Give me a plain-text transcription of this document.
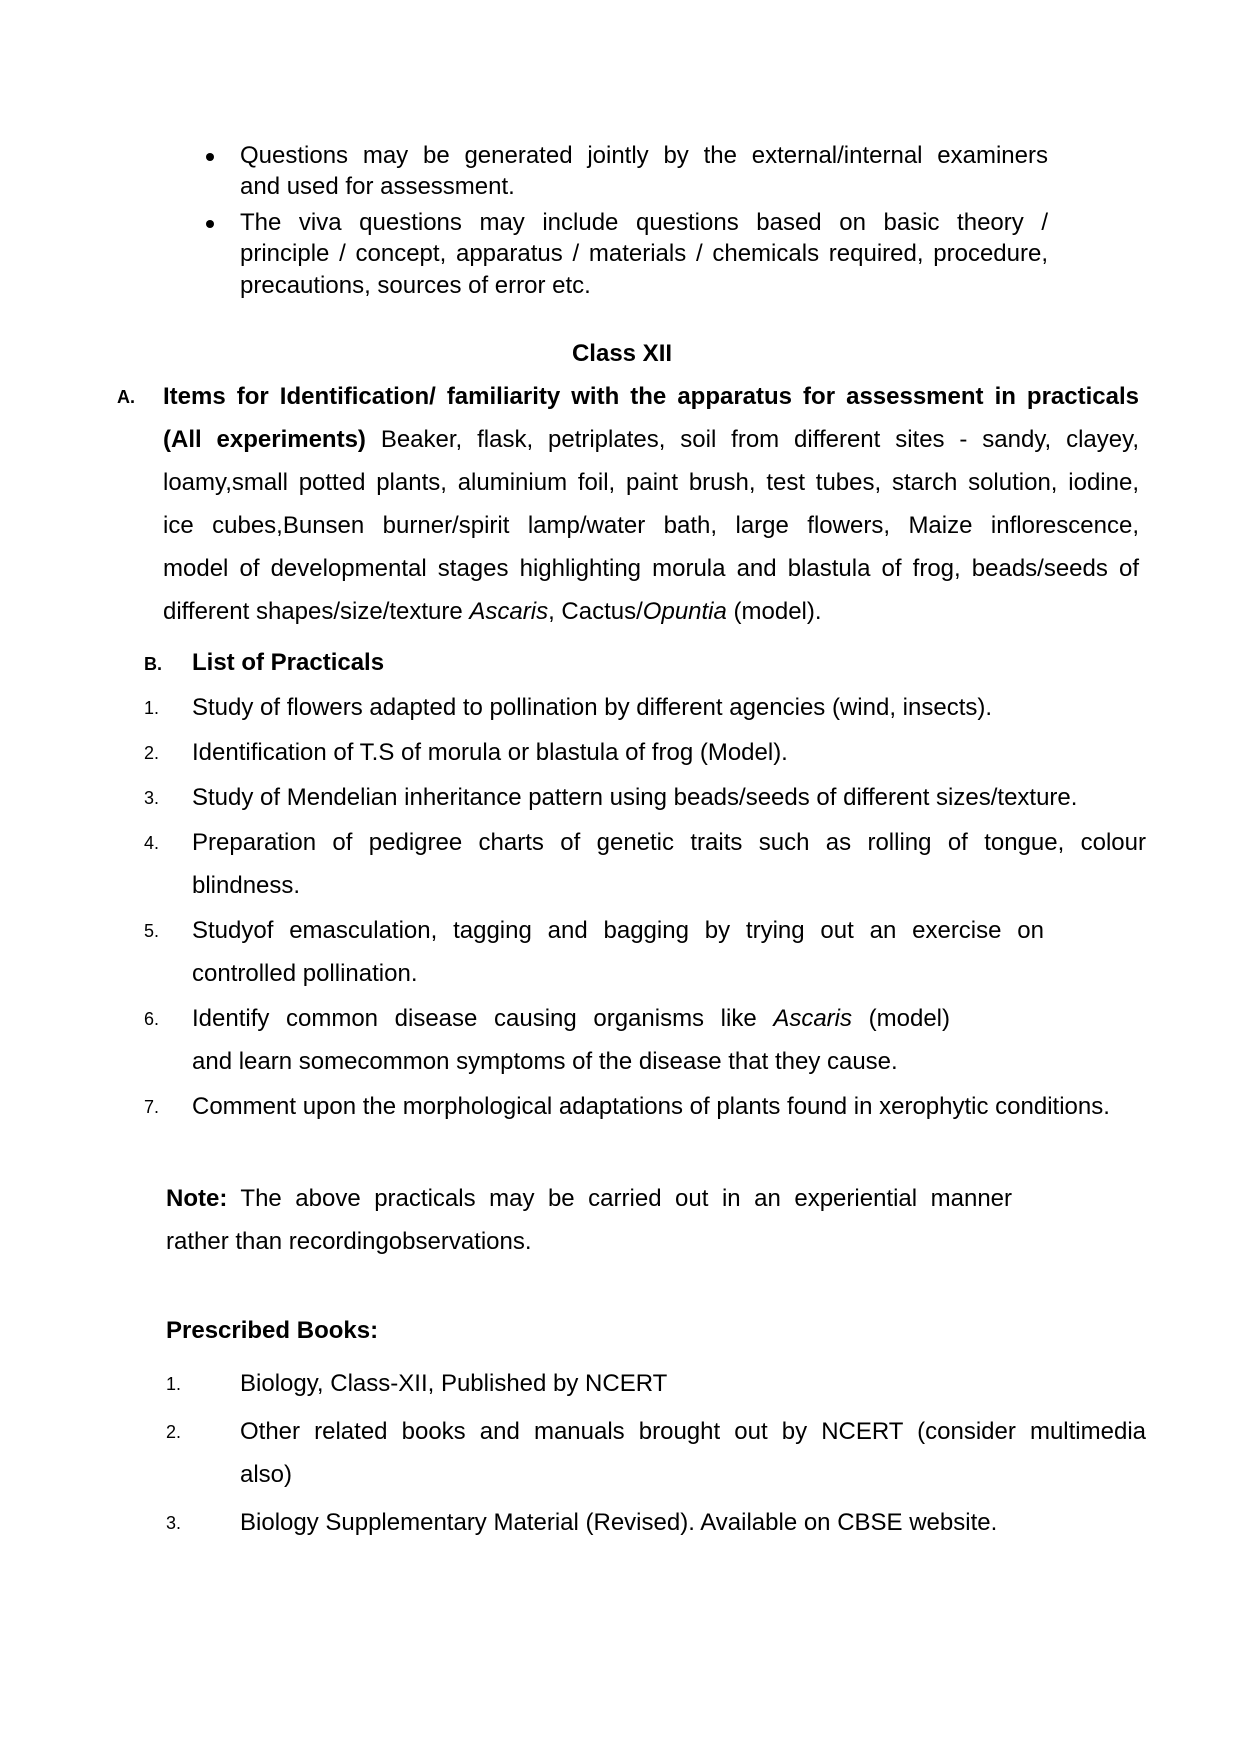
Questions may be generated jointly by the external/internal examiners
and used for assessment.
The viva questions may include questions based on basic theory /
principle / concept, apparatus / materials / chemicals required, procedure,
precautions, sources of error etc.
Class XII
A. Items for Identification/ familiarity with the apparatus for assessment in practicals
(All experiments) Beaker, flask, petriplates, soil from different sites - sandy, clayey,
loamy,small potted plants, aluminium foil, paint brush, test tubes, starch solution, iodine,
ice cubes,Bunsen burner/spirit lamp/water bath, large flowers, Maize inflorescence,
model of developmental stages highlighting morula and blastula of frog, beads/seeds of
different shapes/size/texture Ascaris, Cactus/Opuntia (model).
B. List of Practicals
1. Study of flowers adapted to pollination by different agencies (wind, insects).
2. Identification of T.S of morula or blastula of frog (Model).
3. Study of Mendelian inheritance pattern using beads/seeds of different sizes/texture.
4. Preparation of pedigree charts of genetic traits such as rolling of tongue, colour
blindness.
5. Studyof emasculation, tagging and bagging by trying out an exercise on
controlled pollination.
6. Identify common disease causing organisms like Ascaris (model)
and learn somecommon symptoms of the disease that they cause.
7. Comment upon the morphological adaptations of plants found in xerophytic conditions.
Note: The above practicals may be carried out in an experiential manner
rather than recordingobservations.
Prescribed Books:
1. Biology, Class-XII, Published by NCERT
2. Other related books and manuals brought out by NCERT (consider multimedia
also)
3. Biology Supplementary Material (Revised). Available on CBSE website.
